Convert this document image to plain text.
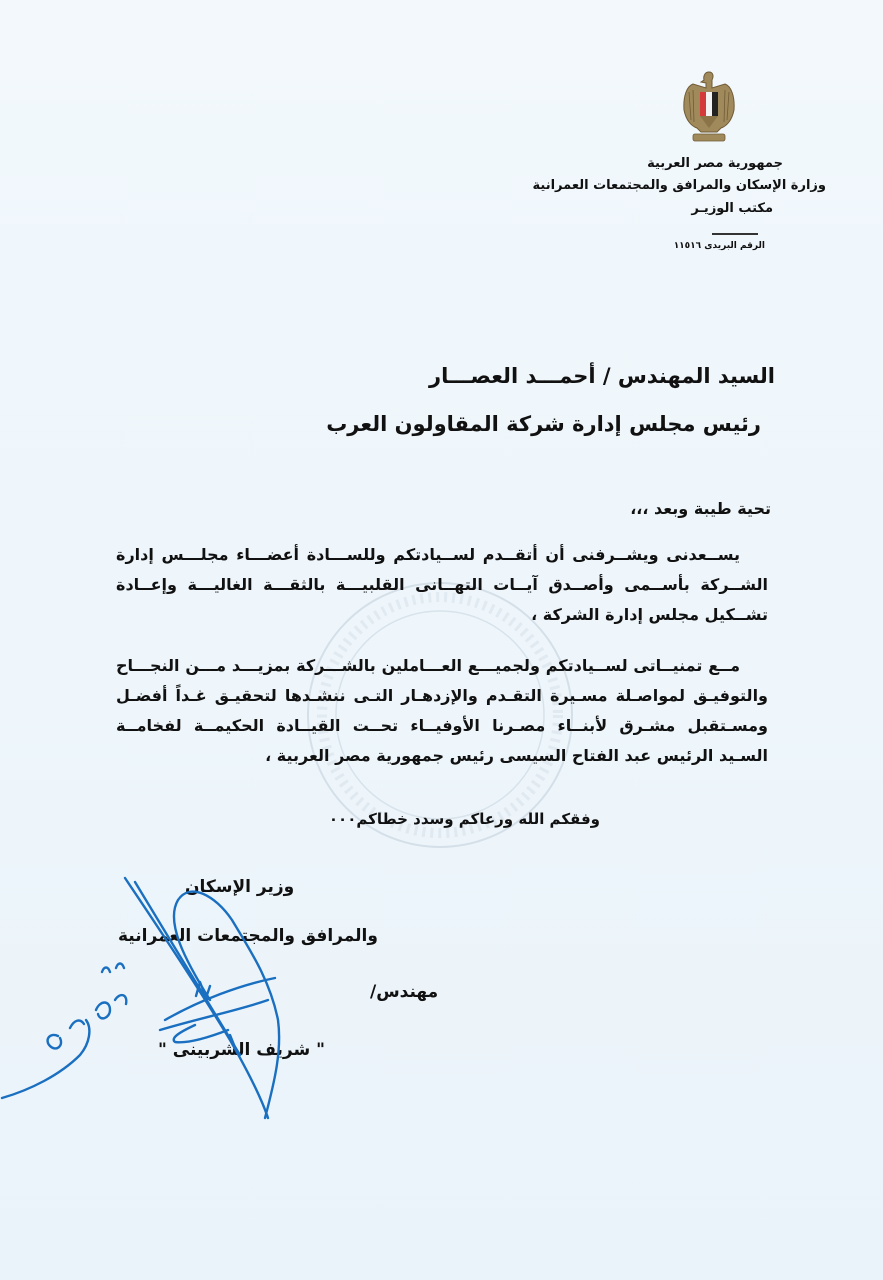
جمهورية مصر العربية
وزارة الإسكان والمرافق والمجتمعات العمرانية
مكتب الوزيـر
الرقم البريدى ١١٥١٦
السيد المهندس / أحمـــد العصـــار
رئيس مجلس إدارة شركة المقاولون العرب
تحية طيبة وبعد ،،،
يســعدنى ويشــرفنى أن أتقــدم لســيادتكم وللســـادة أعضـــاء مجلـــس إدارة الشــركة بأســمى وأصــدق آيــات التهــانى القلبيـــة بالثقـــة الغاليـــة وإعــادة تشــكيل مجلس إدارة الشركة ،
مــع تمنيــاتى لســيادتكم ولجميـــع العـــاملين بالشـــركة بمزيـــد مـــن النجـــاح والتوفيـق لمواصـلة مسـيرة التقـدم والإزدهـار التـى ننشـدها لتحقيـق غـداً أفضـل ومسـتقبل مشـرق لأبنــاء مصـرنا الأوفيــاء تحــت القيــادة الحكيمــة لفخامــة السـيد الرئيس عبد الفتاح السيسى رئيس جمهورية مصر العربية ،
وفقكم الله ورعاكم وسدد خطاكم٠٠٠
وزير الإسكان
والمرافق والمجتمعات العمرانية
مهندس/
" شريف الشربينى "
